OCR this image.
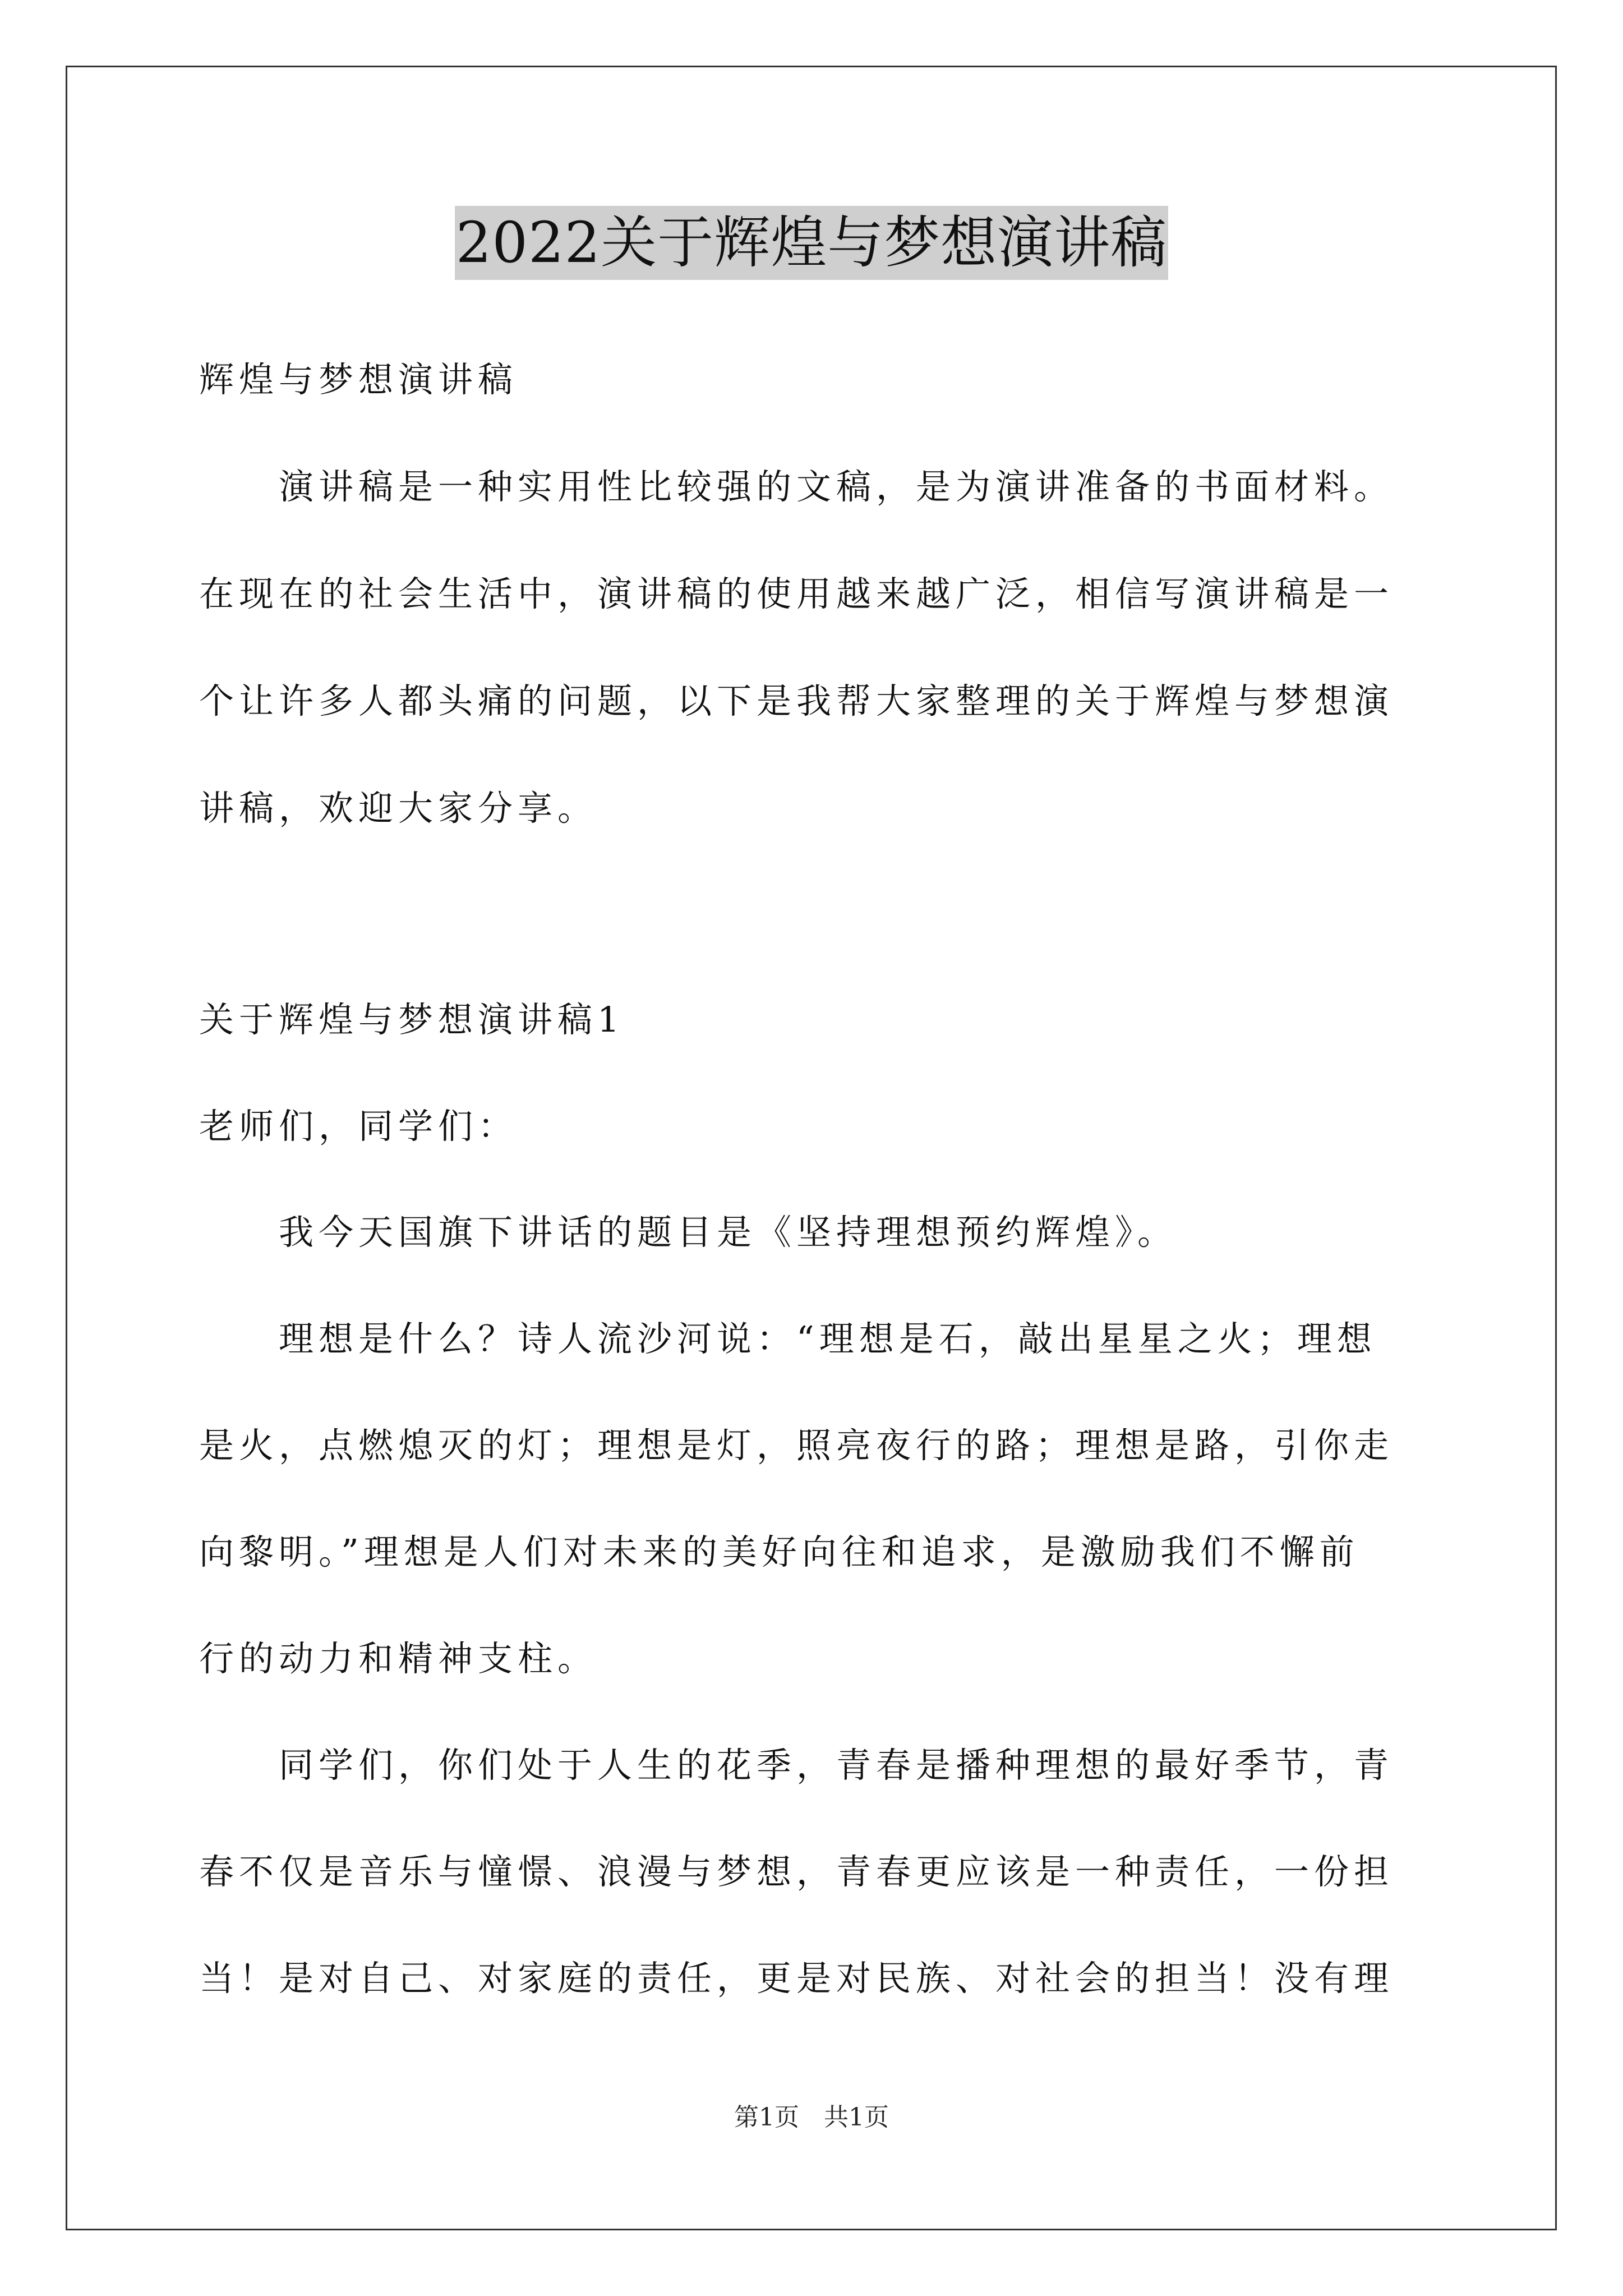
2022关于辉煌与梦想演讲稿
辉煌与梦想演讲稿
　　演讲稿是一种实用性比较强的文稿，是为演讲准备的书面材料。
在现在的社会生活中，演讲稿的使用越来越广泛，相信写演讲稿是一
个让许多人都头痛的问题，以下是我帮大家整理的关于辉煌与梦想演
讲稿，欢迎大家分享。
关于辉煌与梦想演讲稿1
老师们，同学们：
　　我今天国旗下讲话的题目是《坚持理想预约辉煌》。
　　理想是什么？诗人流沙河说：“理想是石，敲出星星之火；理想
是火，点燃熄灭的灯；理想是灯，照亮夜行的路；理想是路，引你走
向黎明。”理想是人们对未来的美好向往和追求，是激励我们不懈前
行的动力和精神支柱。
　　同学们，你们处于人生的花季，青春是播种理想的最好季节，青
春不仅是音乐与憧憬、浪漫与梦想，青春更应该是一种责任，一份担
当！是对自己、对家庭的责任，更是对民族、对社会的担当！没有理
第1页　共1页
